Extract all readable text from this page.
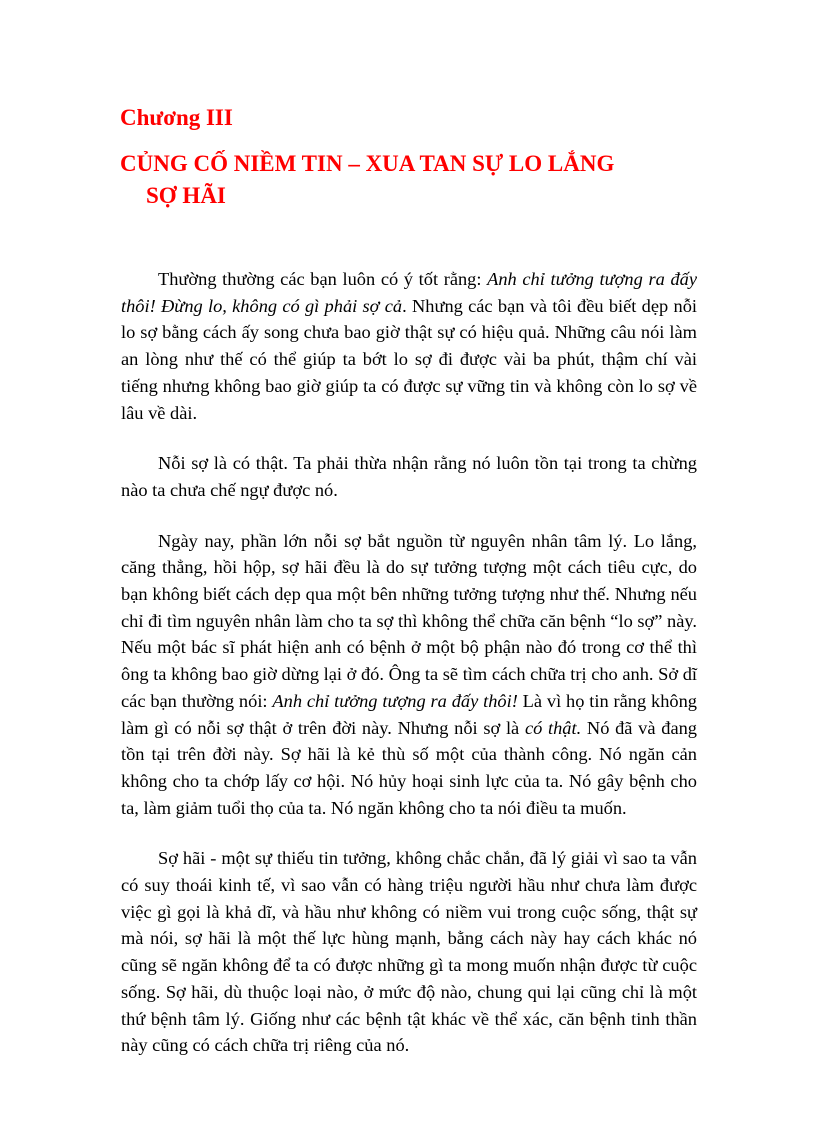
Chương III
CỦNG CỐ NIỀM TIN – XUA TAN SỰ LO LẮNG
SỢ HÃI

Thường thường các bạn luôn có ý tốt rằng: Anh chỉ tưởng tượng ra đấy thôi! Đừng lo, không có gì phải sợ cả. Nhưng các bạn và tôi đều biết dẹp nỗi lo sợ bằng cách ấy song chưa bao giờ thật sự có hiệu quả. Những câu nói làm an lòng như thế có thể giúp ta bớt lo sợ đi được vài ba phút, thậm chí vài tiếng nhưng không bao giờ giúp ta có được sự vững tin và không còn lo sợ về lâu về dài.

Nỗi sợ là có thật. Ta phải thừa nhận rằng nó luôn tồn tại trong ta chừng nào ta chưa chế ngự được nó.

Ngày nay, phần lớn nỗi sợ bắt nguồn từ nguyên nhân tâm lý. Lo lắng, căng thẳng, hồi hộp, sợ hãi đều là do sự tưởng tượng một cách tiêu cực, do bạn không biết cách dẹp qua một bên những tưởng tượng như thế. Nhưng nếu chỉ đi tìm nguyên nhân làm cho ta sợ thì không thể chữa căn bệnh “lo sợ” này. Nếu một bác sĩ phát hiện anh có bệnh ở một bộ phận nào đó trong cơ thể thì ông ta không bao giờ dừng lại ở đó. Ông ta sẽ tìm cách chữa trị cho anh. Sở dĩ các bạn thường nói: Anh chỉ tưởng tượng ra đấy thôi! Là vì họ tin rằng không làm gì có nỗi sợ thật ở trên đời này. Nhưng nỗi sợ là có thật. Nó đã và đang tồn tại trên đời này. Sợ hãi là kẻ thù số một của thành công. Nó ngăn cản không cho ta chớp lấy cơ hội. Nó hủy hoại sinh lực của ta. Nó gây bệnh cho ta, làm giảm tuổi thọ của ta. Nó ngăn không cho ta nói điều ta muốn.

Sợ hãi - một sự thiếu tin tưởng, không chắc chắn, đã lý giải vì sao ta vẫn có suy thoái kinh tế, vì sao vẫn có hàng triệu người hầu như chưa làm được việc gì gọi là khả dĩ, và hầu như không có niềm vui trong cuộc sống, thật sự mà nói, sợ hãi là một thế lực hùng mạnh, bằng cách này hay cách khác nó cũng sẽ ngăn không để ta có được những gì ta mong muốn nhận được từ cuộc sống. Sợ hãi, dù thuộc loại nào, ở mức độ nào, chung qui lại cũng chỉ là một thứ bệnh tâm lý. Giống như các bệnh tật khác về thể xác, căn bệnh tinh thần này cũng có cách chữa trị riêng của nó.
